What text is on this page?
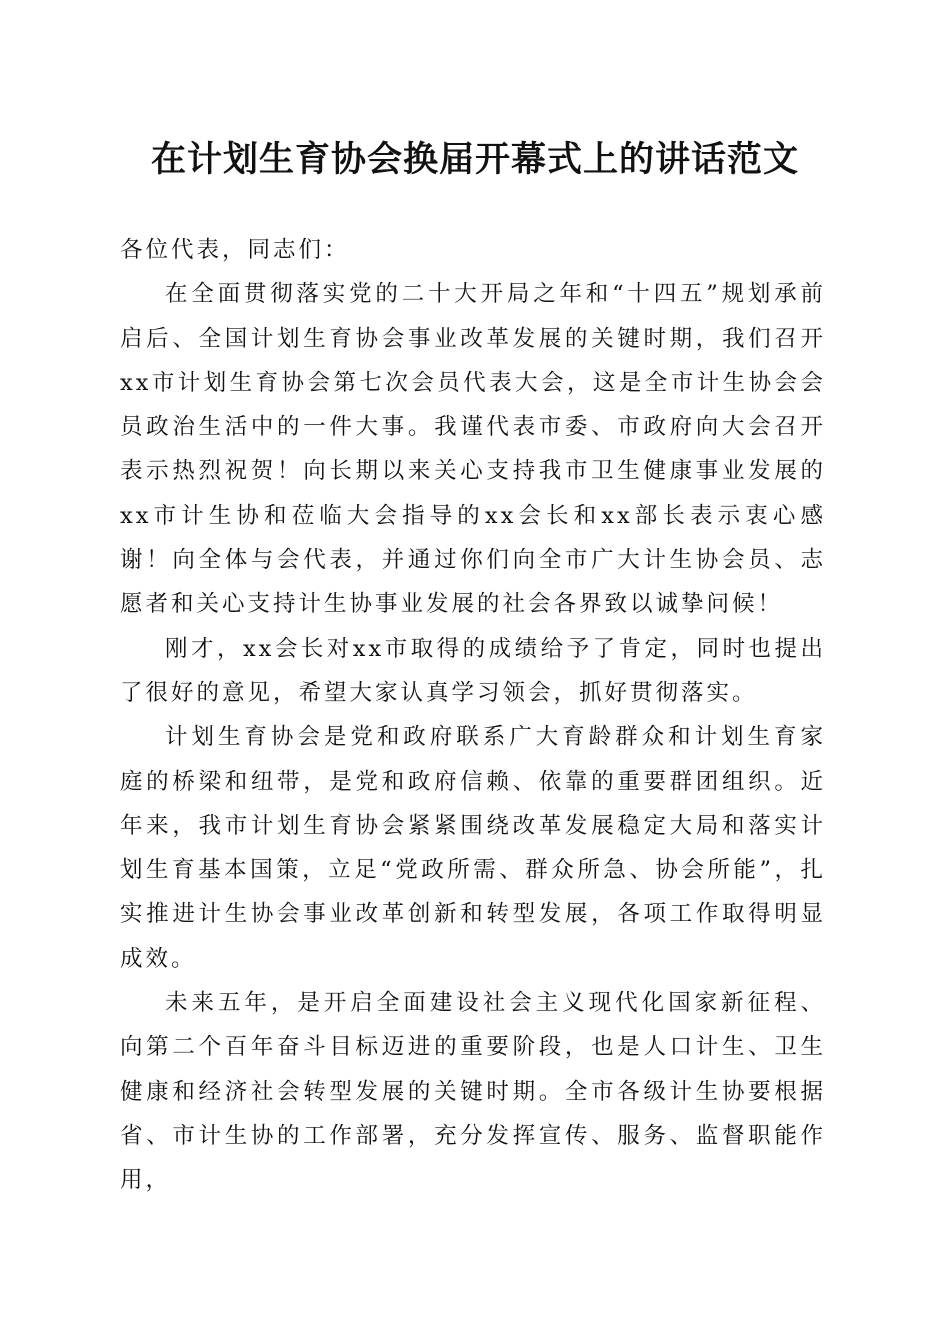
在计划生育协会换届开幕式上的讲话范文

各位代表，同志们：

在全面贯彻落实党的二十大开局之年和“十四五”规划承前启后、全国计划生育协会事业改革发展的关键时期，我们召开xx市计划生育协会第七次会员代表大会，这是全市计生协会会员政治生活中的一件大事。我谨代表市委、市政府向大会召开表示热烈祝贺！向长期以来关心支持我市卫生健康事业发展的xx市计生协和莅临大会指导的xx会长和xx部长表示衷心感谢！向全体与会代表，并通过你们向全市广大计生协会员、志愿者和关心支持计生协事业发展的社会各界致以诚挚问候！

刚才，xx会长对xx市取得的成绩给予了肯定，同时也提出了很好的意见，希望大家认真学习领会，抓好贯彻落实。

计划生育协会是党和政府联系广大育龄群众和计划生育家庭的桥梁和纽带，是党和政府信赖、依靠的重要群团组织。近年来，我市计划生育协会紧紧围绕改革发展稳定大局和落实计划生育基本国策，立足“党政所需、群众所急、协会所能”，扎实推进计生协会事业改革创新和转型发展，各项工作取得明显成效。

未来五年，是开启全面建设社会主义现代化国家新征程、向第二个百年奋斗目标迈进的重要阶段，也是人口计生、卫生健康和经济社会转型发展的关键时期。全市各级计生协要根据省、市计生协的工作部署，充分发挥宣传、服务、监督职能作用，
